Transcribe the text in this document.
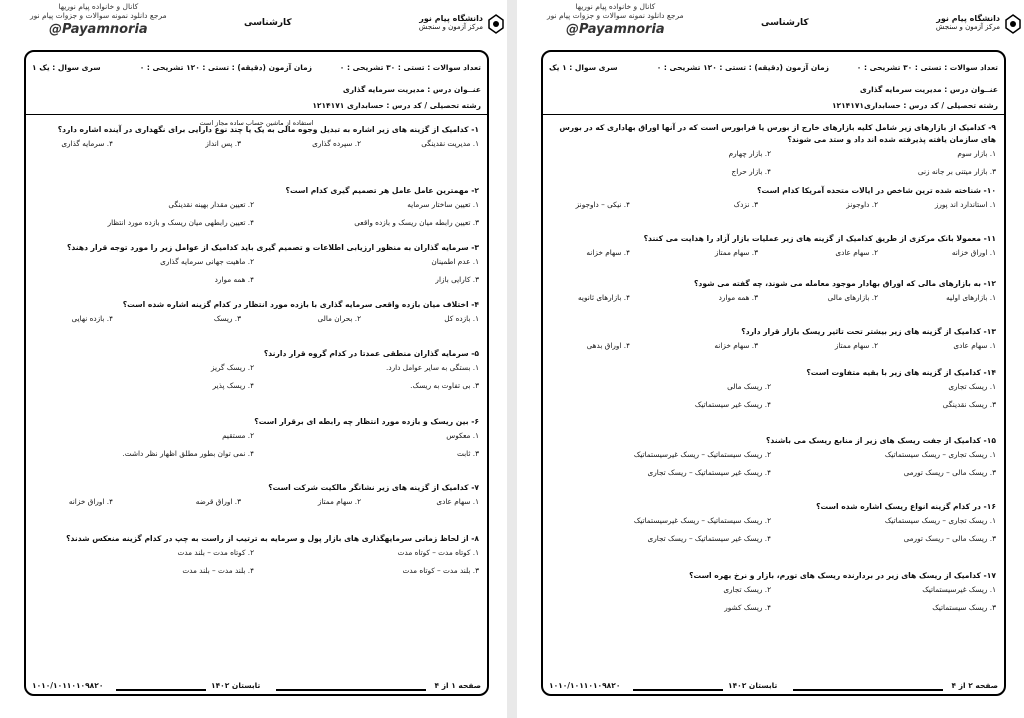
دانشگاه پیام نور
مرکز آزمون و سنجش
کارشناسی
کانال و خانواده پیام نوریها
مرجع دانلود نمونه سوالات و جزوات پیام نور
@Payamnoria
تعداد سوالات : تستی : ۳۰ تشریحی : ۰
زمان آزمون (دقیقه) : تستی : ۱۲۰ تشریحی : ۰
سری سوال : یک ۱
عنــوان درس : مدیریت سرمایه گذاری
رشته تحصیلی / کد درس : حسابداری ۱۲۱۴۱۷۱
استفاده از ماشین حساب ساده مجاز است
۱- کدامیک از گزینه های زیر اشاره به تبدیل وجوه مالی به یک یا چند نوع دارایی برای نگهداری در آینده اشاره دارد؟
۱. مدیریت نقدینگی
۲. سپرده گذاری
۳. پس انداز
۴. سرمایه گذاری
۲- مهمترین عامل عامل هر تصمیم گیری کدام است؟
۱. تعیین ساختار سرمایه
۲. تعیین مقدار بهینه نقدینگی
۳. تعیین رابطه میان ریسک و بازده واقعی
۴. تعیین رابطهی میان ریسک و بازده مورد انتظار
۳- سرمایه گذاران به منظور ارزیابی اطلاعات و تصمیم گیری باید کدامیک از عوامل زیر را مورد توجه قرار دهند؟
۱. عدم اطمینان
۲. ماهیت جهانی سرمایه گذاری
۳. کارایی بازار
۴. همه موارد
۴- اختلاف میان بازده واقعی سرمایه گذاری با بازده مورد انتظار در کدام گزینه اشاره شده است؟
۱. بازده کل
۲. بحران مالی
۳. ریسک
۴. بازده نهایی
۵- سرمایه گذاران منطقی عمدتا در کدام گروه قرار دارند؟
۱. بستگی به سایر عوامل دارد.
۲. ریسک گریز
۳. بی تفاوت به ریسک.
۴. ریسک پذیر
۶- بین ریسک و بازده مورد انتظار چه رابطه ای برقرار است؟
۱. معکوس
۲. مستقیم
۳. ثابت
۴. نمی توان بطور مطلق اظهار نظر داشت.
۷- کدامیک از گزینه های زیر نشانگر مالکیت شرکت است؟
۱. سهام عادی
۲. سهام ممتاز
۳. اوراق قرضه
۴. اوراق خزانه
۸- از لحاظ زمانی سرمایهگذاری های بازار پول و سرمایه به ترتیب از راست به چپ در کدام گزینه منعکس شدند؟
۱. کوتاه مدت – کوتاه مدت
۲. کوتاه مدت – بلند مدت
۳. بلند مدت – کوتاه مدت
۴. بلند مدت – بلند مدت
۱۰۱۰/۱۰۱۱۰۱۰۹۸۲۰	تابستان ۱۴۰۲	صفحه ۱ از ۴
دانشگاه پیام نور
مرکز آزمون و سنجش
کارشناسی
کانال و خانواده پیام نوریها
مرجع دانلود نمونه سوالات و جزوات پیام نور
@Payamnoria
تعداد سوالات : تستی : ۳۰ تشریحی : ۰
زمان آزمون (دقیقه) : تستی : ۱۲۰ تشریحی : ۰
سری سوال : ۱ یک
عنــوان درس : مدیریت سرمایه گذاری
رشته تحصیلی / کد درس : حسابداری۱۲۱۴۱۷۱
۹- کدامیک از بازارهای زیر شامل کلیه بازارهای خارج از بورس یا فرابورس است که در آنها اوراق بهاداری که در بورس های سازمان یافته پذیرفته شده اند داد و ستد می شوند؟
۱. بازار سوم
۲. بازار چهارم
۳. بازار میتنی بر جانه زنی
۴. بازار حراج
۱۰- شناخته شده ترین شاخص در ایالات متحده آمریکا کدام است؟
۱. استاندارد اند پورز
۲. داوجونز
۳. نزدک
۴. نیکی – داوجونز
۱۱- معمولا بانک مرکزی از طریق کدامیک از گزینه های زیر عملیات بازار آزاد را هدایت می کنند؟
۱. اوراق خزانه
۲. سهام عادی
۳. سهام ممتاز
۴. سهام خزانه
۱۲- به بازارهای مالی که اوراق بهادار موجود معامله می شوند، چه گفته می شود؟
۱. بازارهای اولیه
۲. بازارهای مالی
۳. همه موارد
۴. بازارهای ثانویه
۱۳- کدامیک از گزینه های زیر بیشتر تحت تاثیر ریسک بازار قرار دارد؟
۱. سهام عادی
۲. سهام ممتاز
۳. سهام خزانه
۴. اوراق بدهی
۱۴- کدامیک از گزینه های زیر با بقیه متفاوت است؟
۱. ریسک تجاری
۲. ریسک مالی
۳. ریسک نقدینگی
۴. ریسک غیر سیستماتیک
۱۵- کدامیک از جفت ریسک های زیر از منابع ریسک می باشند؟
۱. ریسک تجاری – ریسک سیستماتیک
۲. ریسک سیستماتیک – ریسک غیرسیستماتیک
۳. ریسک مالی – ریسک تورمی
۴. ریسک غیر سیستماتیک – ریسک تجاری
۱۶- در کدام گزینه انواع ریسک اشاره شده است؟
۱. ریسک تجاری – ریسک سیستماتیک
۲. ریسک سیستماتیک – ریسک غیرسیستماتیک
۳. ریسک مالی – ریسک تورمی
۴. ریسک غیر سیستماتیک – ریسک تجاری
۱۷- کدامیک از ریسک های زیر در بردارنده ریسک های تورم، بازار و نرخ بهره است؟
۱. ریسک غیرسیستماتیک
۲. ریسک تجاری
۳. ریسک سیستماتیک
۴. ریسک کشور
۱۰۱۰/۱۰۱۱۰۱۰۹۸۲۰	تابستان ۱۴۰۲	صفحه ۲ از ۴
